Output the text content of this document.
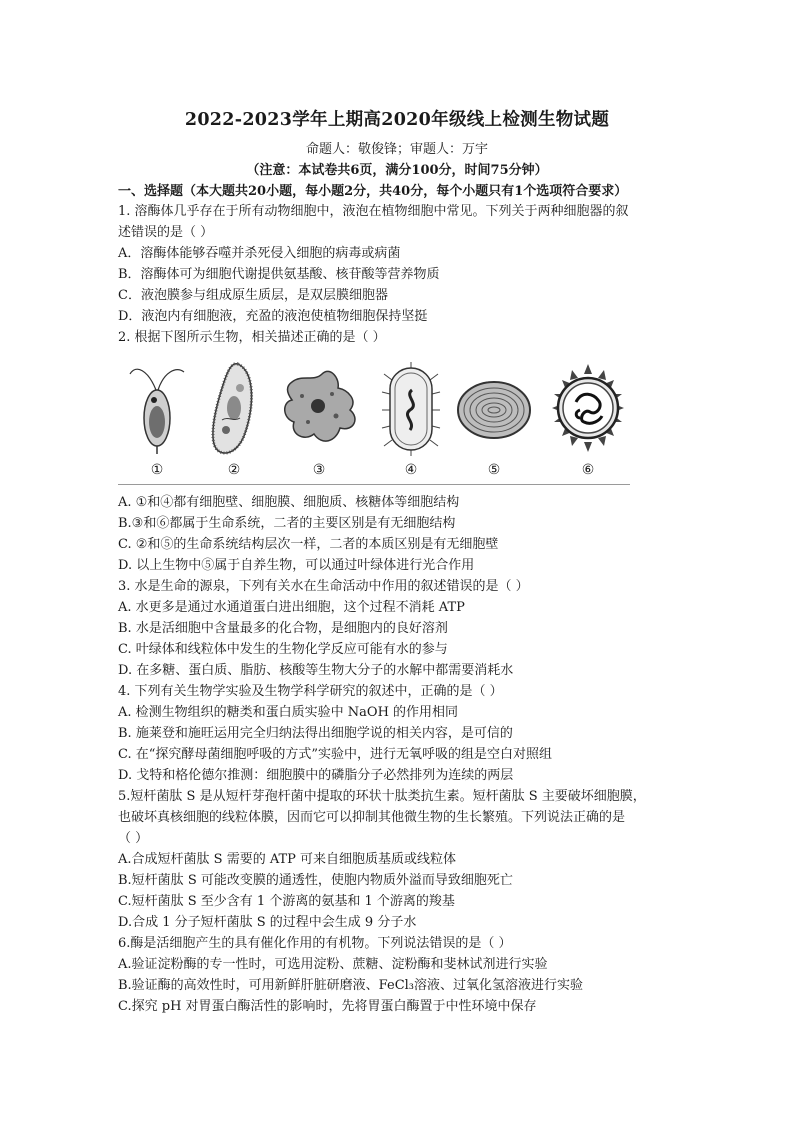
2022-2023学年上期高2020年级线上检测生物试题
命题人：敬俊锋；审题人：万宇
（注意：本试卷共6页，满分100分，时间75分钟）
一、选择题（本大题共20小题，每小题2分，共40分，每个小题只有1个选项符合要求）
1. 溶酶体几乎存在于所有动物细胞中，液泡在植物细胞中常见。下列关于两种细胞器的叙
述错误的是（ ）
A．溶酶体能够吞噬并杀死侵入细胞的病毒或病菌
B．溶酶体可为细胞代谢提供氨基酸、核苷酸等营养物质
C．液泡膜参与组成原生质层，是双层膜细胞器
D．液泡内有细胞液，充盈的液泡使植物细胞保持坚挺
2. 根据下图所示生物，相关描述正确的是（ ）
①	②	③	④	⑤	⑥
A. ①和④都有细胞壁、细胞膜、细胞质、核糖体等细胞结构
B.③和⑥都属于生命系统，二者的主要区别是有无细胞结构
C. ②和⑤的生命系统结构层次一样，二者的本质区别是有无细胞壁
D. 以上生物中⑤属于自养生物，可以通过叶绿体进行光合作用
3. 水是生命的源泉，下列有关水在生命活动中作用的叙述错误的是（ ）
A. 水更多是通过水通道蛋白进出细胞，这个过程不消耗 ATP
B. 水是活细胞中含量最多的化合物，是细胞内的良好溶剂
C. 叶绿体和线粒体中发生的生物化学反应可能有水的参与
D. 在多糖、蛋白质、脂肪、核酸等生物大分子的水解中都需要消耗水
4. 下列有关生物学实验及生物学科学研究的叙述中，正确的是（ ）
A. 检测生物组织的糖类和蛋白质实验中 NaOH 的作用相同
B. 施莱登和施旺运用完全归纳法得出细胞学说的相关内容，是可信的
C. 在“探究酵母菌细胞呼吸的方式”实验中，进行无氧呼吸的组是空白对照组
D. 戈特和格伦德尔推测：细胞膜中的磷脂分子必然排列为连续的两层
5.短杆菌肽 S 是从短杆芽孢杆菌中提取的环状十肽类抗生素。短杆菌肽 S 主要破坏细胞膜，
也破坏真核细胞的线粒体膜，因而它可以抑制其他微生物的生长繁殖。下列说法正确的是
（ ）
A.合成短杆菌肽 S 需要的 ATP 可来自细胞质基质或线粒体
B.短杆菌肽 S 可能改变膜的通透性，使胞内物质外溢而导致细胞死亡
C.短杆菌肽 S 至少含有 1 个游离的氨基和 1 个游离的羧基
D.合成 1 分子短杆菌肽 S 的过程中会生成 9 分子水
6.酶是活细胞产生的具有催化作用的有机物。下列说法错误的是（ ）
A.验证淀粉酶的专一性时，可选用淀粉、蔗糖、淀粉酶和斐林试剂进行实验
B.验证酶的高效性时，可用新鲜肝脏研磨液、FeCl₃溶液、过氧化氢溶液进行实验
C.探究 pH 对胃蛋白酶活性的影响时，先将胃蛋白酶置于中性环境中保存
